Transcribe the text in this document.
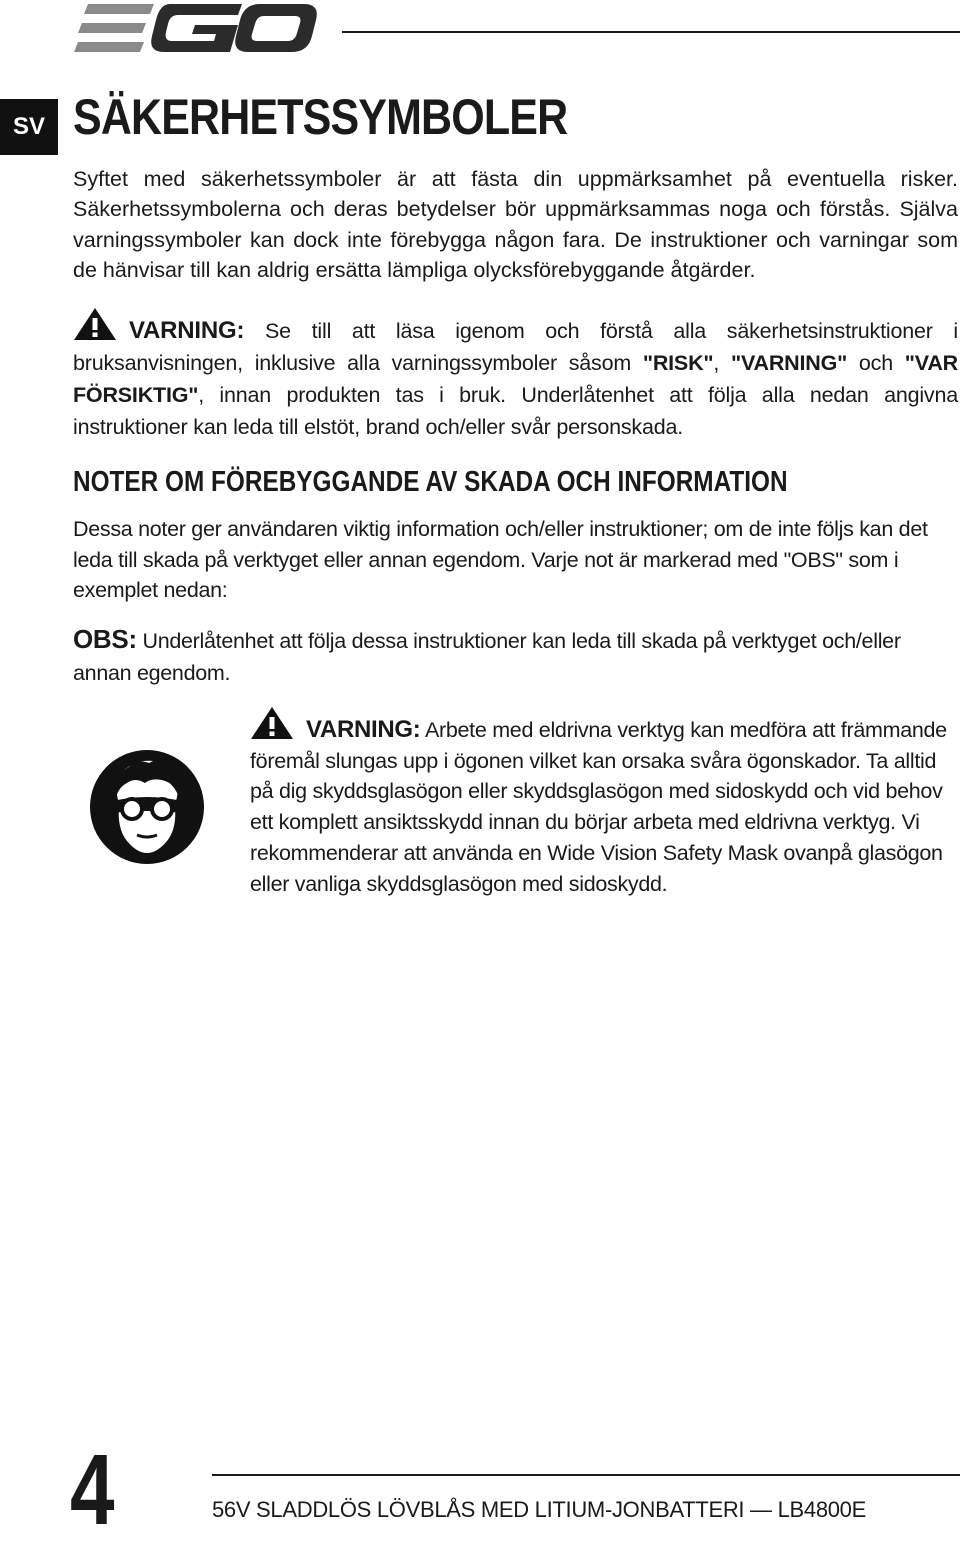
SV SÄKERHETSSYMBOLER

Syftet med säkerhetssymboler är att fästa din uppmärksamhet på eventuella risker. Säkerhetssymbolerna och deras betydelser bör uppmärksammas noga och förstås. Själva varningssymboler kan dock inte förebygga någon fara. De instruktioner och varningar som de hänvisar till kan aldrig ersätta lämpliga olycksförebyggande åtgärder.

VARNING: Se till att läsa igenom och förstå alla säkerhetsinstruktioner i bruksanvisningen, inklusive alla varningssymboler såsom "RISK", "VARNING" och "VAR FÖRSIKTIG", innan produkten tas i bruk. Underlåtenhet att följa alla nedan angivna instruktioner kan leda till elstöt, brand och/eller svår personskada.

NOTER OM FÖREBYGGANDE AV SKADA OCH INFORMATION

Dessa noter ger användaren viktig information och/eller instruktioner; om de inte följs kan det leda till skada på verktyget eller annan egendom. Varje not är markerad med "OBS" som i exemplet nedan:

OBS: Underlåtenhet att följa dessa instruktioner kan leda till skada på verktyget och/eller annan egendom.

VARNING: Arbete med eldrivna verktyg kan medföra att främmande föremål slungas upp i ögonen vilket kan orsaka svåra ögonskador. Ta alltid på dig skyddsglasögon eller skyddsglasögon med sidoskydd och vid behov ett komplett ansiktsskydd innan du börjar arbeta med eldrivna verktyg. Vi rekommenderar att använda en Wide Vision Safety Mask ovanpå glasögon eller vanliga skyddsglasögon med sidoskydd.

4	56V SLADDLÖS LÖVBLÅS MED LITIUM-JONBATTERI — LB4800E
